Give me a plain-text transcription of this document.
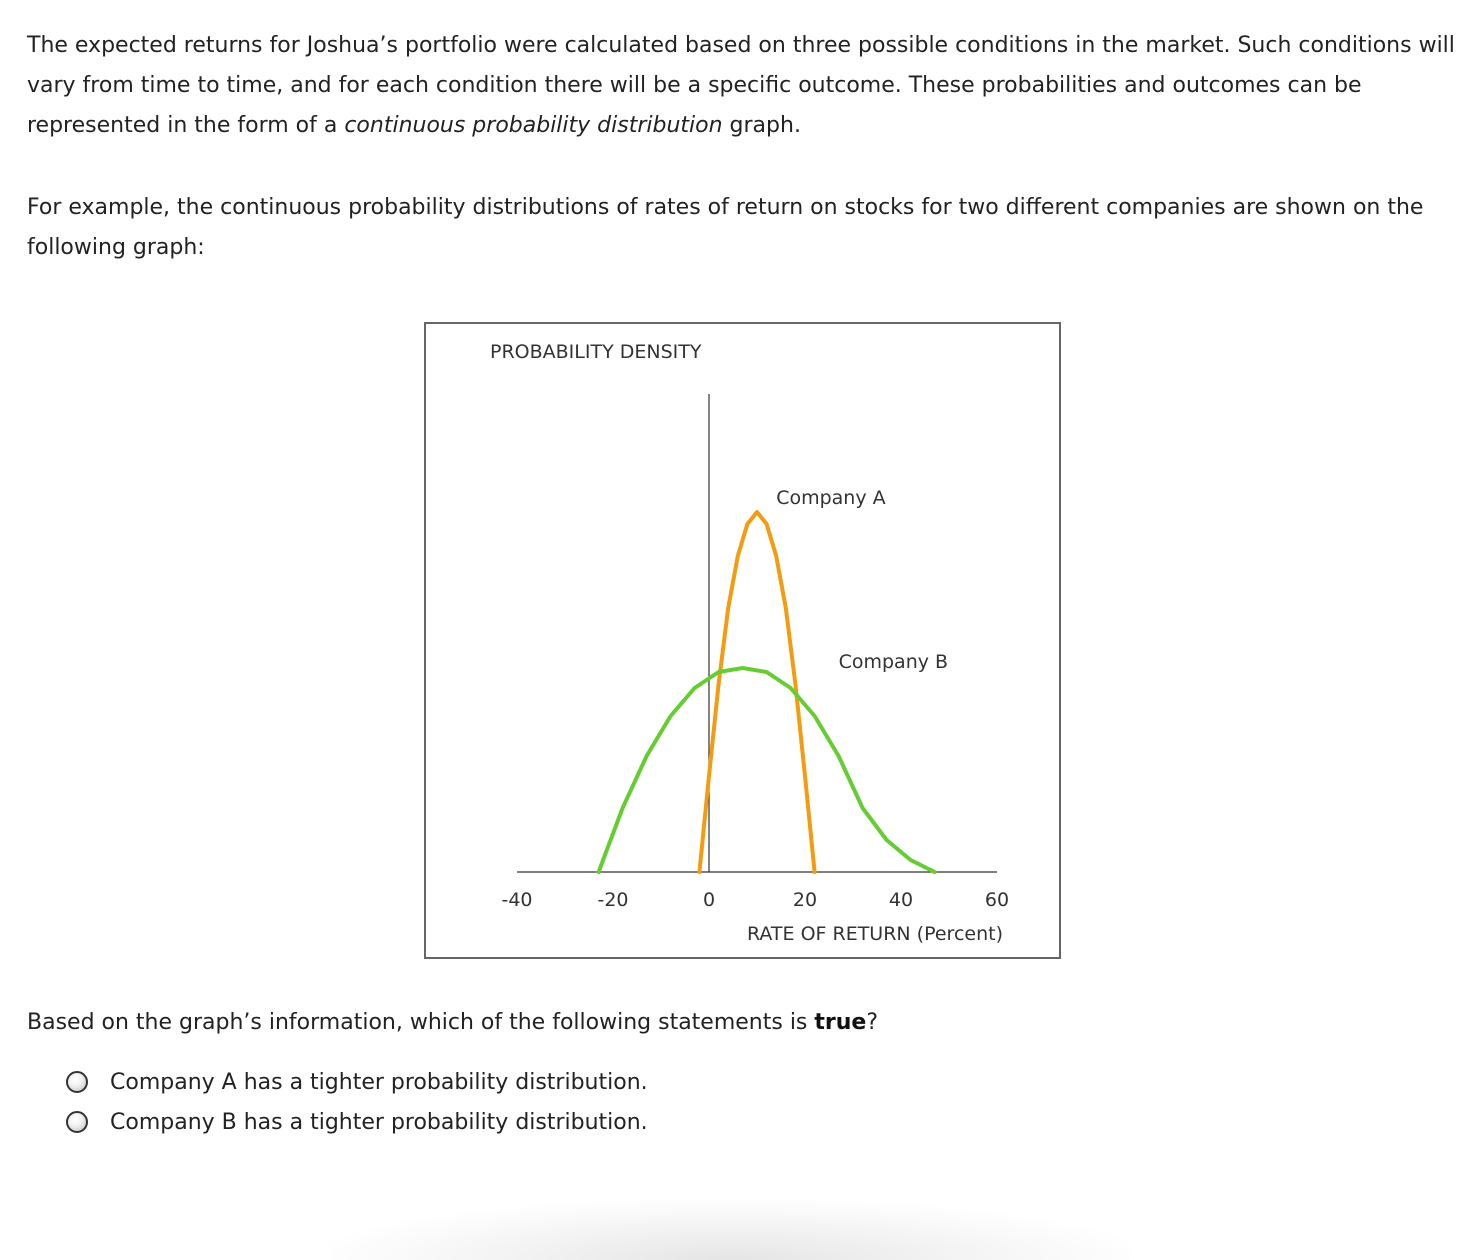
The expected returns for Joshua’s portfolio were calculated based on three possible conditions in the market. Such conditions will vary from time to time, and for each condition there will be a specific outcome. These probabilities and outcomes can be represented in the form of a continuous probability distribution graph.

For example, the continuous probability distributions of rates of return on stocks for two different companies are shown on the following graph:

PROBABILITY DENSITY
Company A
Company B
-40	-20	0	20	40	60
RATE OF RETURN (Percent)

Based on the graph’s information, which of the following statements is true?

Company A has a tighter probability distribution.
Company B has a tighter probability distribution.
